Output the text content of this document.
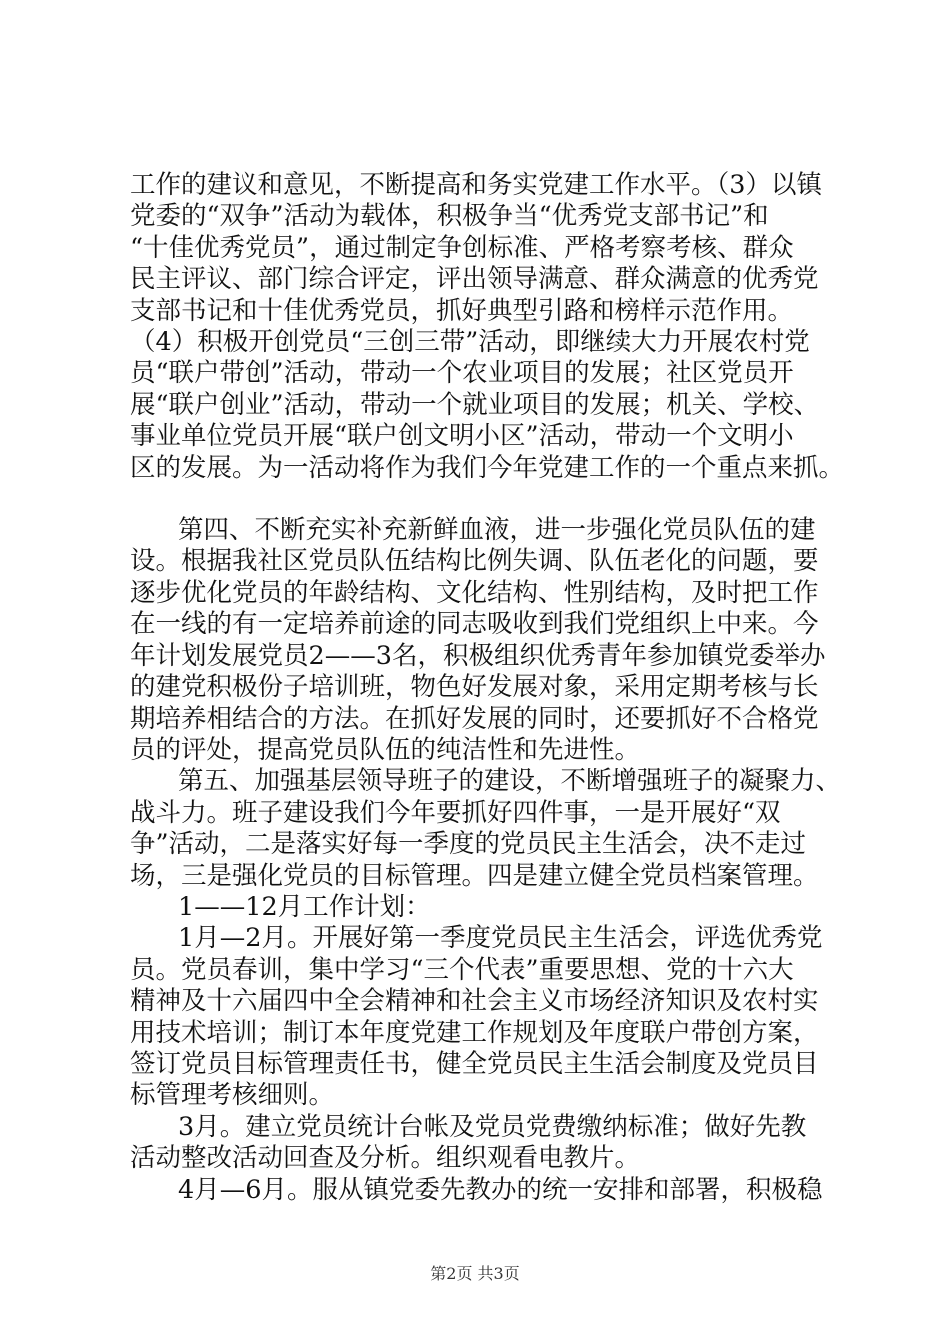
工作的建议和意见，不断提高和务实党建工作水平。（3）以镇
党委的“双争”活动为载体，积极争当“优秀党支部书记”和
“十佳优秀党员”，通过制定争创标准、严格考察考核、群众
民主评议、部门综合评定，评出领导满意、群众满意的优秀党
支部书记和十佳优秀党员，抓好典型引路和榜样示范作用。
（4）积极开创党员“三创三带”活动，即继续大力开展农村党
员“联户带创”活动，带动一个农业项目的发展；社区党员开
展“联户创业”活动，带动一个就业项目的发展；机关、学校、
事业单位党员开展“联户创文明小区”活动，带动一个文明小
区的发展。为一活动将作为我们今年党建工作的一个重点来抓。
第四、不断充实补充新鲜血液，进一步强化党员队伍的建
设。根据我社区党员队伍结构比例失调、队伍老化的问题，要
逐步优化党员的年龄结构、文化结构、性别结构，及时把工作
在一线的有一定培养前途的同志吸收到我们党组织上中来。今
年计划发展党员2——3名，积极组织优秀青年参加镇党委举办
的建党积极份子培训班，物色好发展对象，采用定期考核与长
期培养相结合的方法。在抓好发展的同时，还要抓好不合格党
员的评处，提高党员队伍的纯洁性和先进性。
第五、加强基层领导班子的建设，不断增强班子的凝聚力、
战斗力。班子建设我们今年要抓好四件事，一是开展好“双
争”活动，二是落实好每一季度的党员民主生活会，决不走过
场，三是强化党员的目标管理。四是建立健全党员档案管理。
1——12月工作计划：
1月—2月。开展好第一季度党员民主生活会，评选优秀党
员。党员春训，集中学习“三个代表”重要思想、党的十六大
精神及十六届四中全会精神和社会主义市场经济知识及农村实
用技术培训；制订本年度党建工作规划及年度联户带创方案，
签订党员目标管理责任书，健全党员民主生活会制度及党员目
标管理考核细则。
3月。建立党员统计台帐及党员党费缴纳标准；做好先教
活动整改活动回查及分析。组织观看电教片。
4月—6月。服从镇党委先教办的统一安排和部署，积极稳
第2页 共3页
